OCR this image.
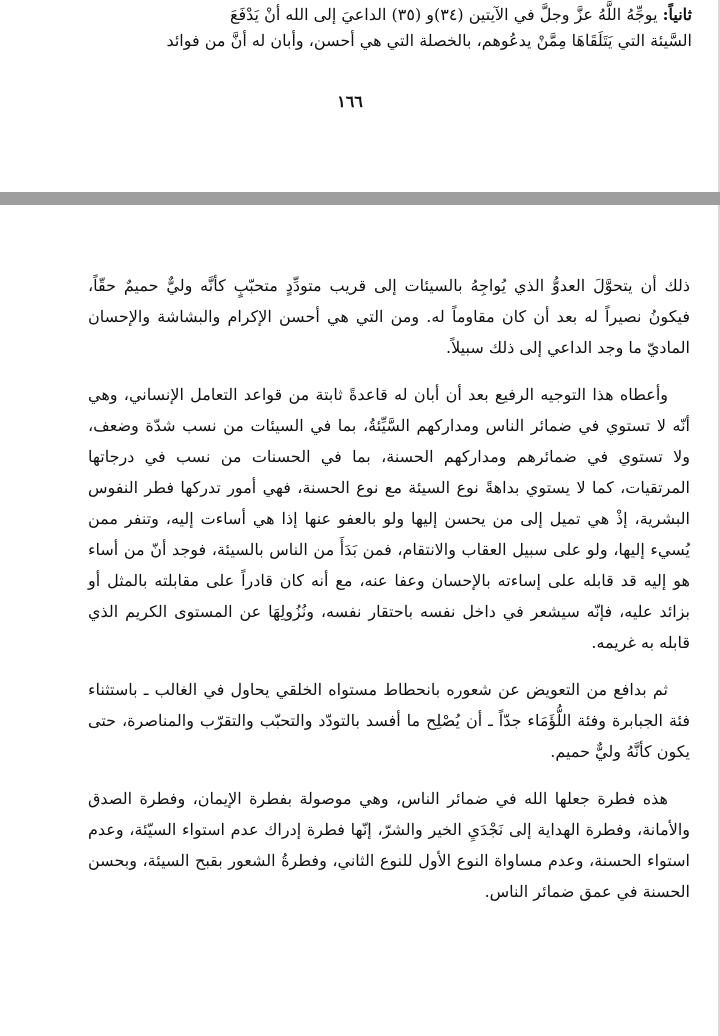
ثانياً: يوجِّهُ اللَّهُ عزَّ وجلَّ في الآيتين (٣٤)و (٣٥) الداعيَ إلى الله أنْ يَدْفَعَ

السَّيئة التي يَتَلَقَاهَا مِمَّنْ يدعُوهم، بالخصلة التي هي أحسن، وأبان له أنَّ من فوائد

١٦٦

ذلك أن يتحوَّلَ العدوُّ الذي يُواجِهُ بالسيئات إلى قريب متودِّدٍ متحبّبٍ كأنَّه وليٌّ حميمٌ حقّاً، فيكونُ نصيراً له بعد أن كان مقاوماً له. ومن التي هي أحسن الإكرام والبشاشة والإحسان الماديّ ما وجد الداعي إلى ذلك سبيلاً.

وأعطاه هذا التوجيه الرفيع بعد أن أبان له قاعدةً ثابتة من قواعد التعامل الإنساني، وهي أنّه لا تستوي في ضمائر الناس ومداركهم السَّيِّئةُ، بما في السيئات من نسب شدّة وضعف، ولا تستوي في ضمائرهم ومداركهم الحسنة، بما في الحسنات من نسب في درجاتها المرتقيات، كما لا يستوي بداهةً نوع السيئة مع نوع الحسنة، فهي أمور تدركها فطر النفوس البشرية، إذْ هي تميل إلى من يحسن إليها ولو بالعفو عنها إذا هي أساءت إليه، وتنفر ممن يُسيء إليها، ولو على سبيل العقاب والانتقام، فمن بَدَأَ من الناس بالسيئة، فوجد أنّ من أساء هو إليه قد قابله على إساءته بالإحسان وعفا عنه، مع أنه كان قادراً على مقابلته بالمثل أو بزائد عليه، فإنّه سيشعر في داخل نفسه باحتقار نفسه، ونُزُولِهَا عن المستوى الكريم الذي قابله به غريمه.

ثم بدافع من التعويض عن شعوره بانحطاط مستواه الخلقي يحاول في الغالب ـ باستثناء فئة الجبابرة وفئة اللُّؤَمَاء جدّاً ـ أن يُصْلِح ما أفسد بالتودّد والتحبّب والتقرّب والمناصرة، حتى يكون كأنَّهُ وليٌّ حميم.

هذه فطرة جعلها الله في ضمائر الناس، وهي موصولة بفطرة الإيمان، وفطرة الصدق والأمانة، وفطرة الهداية إلى نَجْدَيِ الخير والشرّ، إنّها فطرة إدراك عدم استواء السيّئة، وعدم استواء الحسنة، وعدم مساواة النوع الأول للنوع الثاني، وفطرةُ الشعور بقبح السيئة، وبحسن الحسنة في عمق ضمائر الناس.
